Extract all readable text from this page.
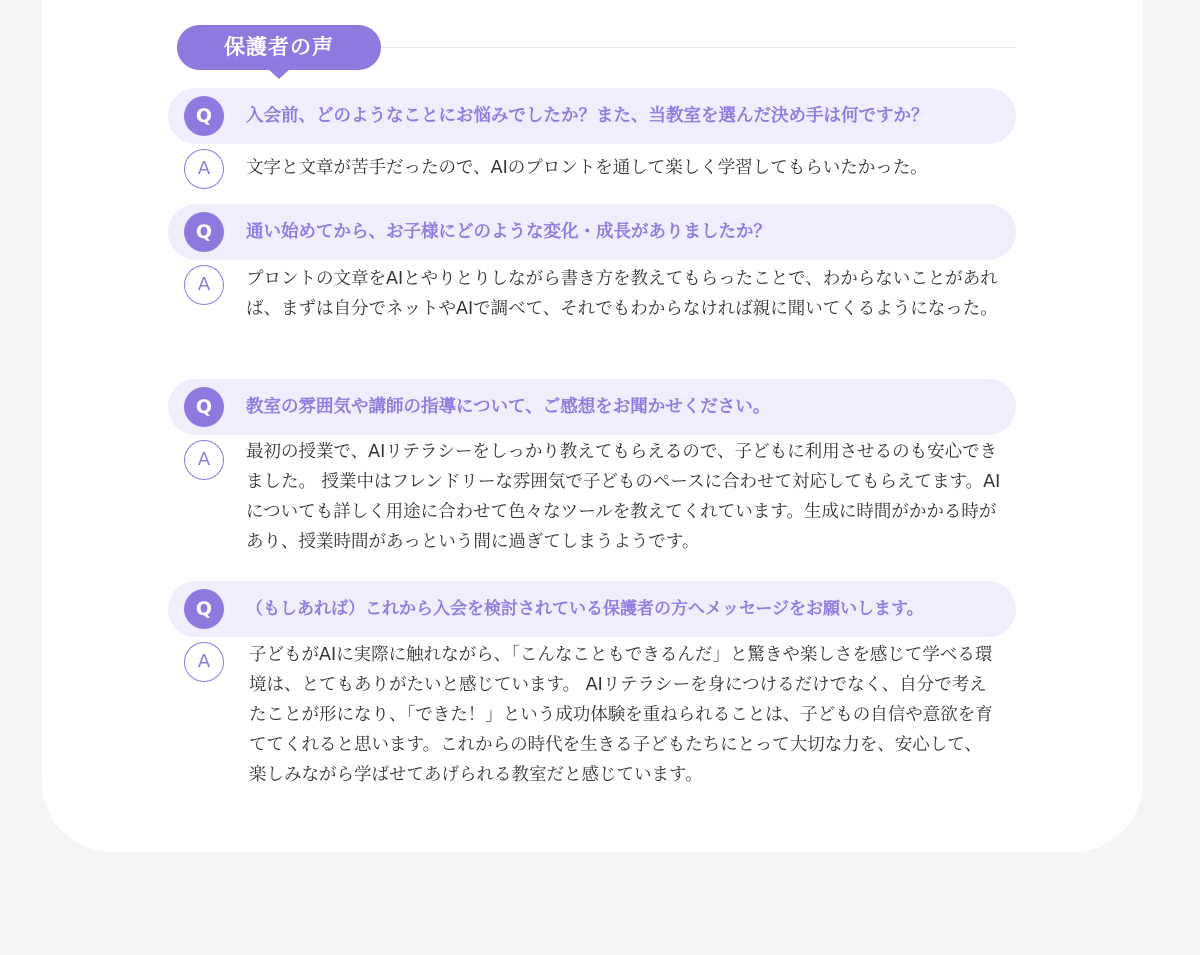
保護者の声
Q	入会前、どのようなことにお悩みでしたか？また、当教室を選んだ決め手は何ですか？
A	文字と文章が苦手だったので、AIのプロントを通して楽しく学習してもらいたかった。

Q	通い始めてから、お子様にどのような変化・成長がありましたか？
A	プロントの文章をAIとやりとりしながら書き方を教えてもらったことで、わからないことがあれば、まずは自分でネットやAIで調べて、それでもわからなければ親に聞いてくるようになった。

Q	教室の雰囲気や講師の指導について、ご感想をお聞かせください。
A	最初の授業で、AIリテラシーをしっかり教えてもらえるので、子どもに利用させるのも安心できました。 授業中はフレンドリーな雰囲気で子どものペースに合わせて対応してもらえてます。AIについても詳しく用途に合わせて色々なツールを教えてくれています。生成に時間がかかる時があり、授業時間があっという間に過ぎてしまうようです。

Q	（もしあれば）これから入会を検討されている保護者の方へメッセージをお願いします。
A	子どもがAIに実際に触れながら、「こんなこともできるんだ」と驚きや楽しさを感じて学べる環境は、とてもありがたいと感じています。 AIリテラシーを身につけるだけでなく、自分で考えたことが形になり、「できた！」という成功体験を重ねられることは、子どもの自信や意欲を育ててくれると思います。これからの時代を生きる子どもたちにとって大切な力を、安心して、楽しみながら学ばせてあげられる教室だと感じています。
